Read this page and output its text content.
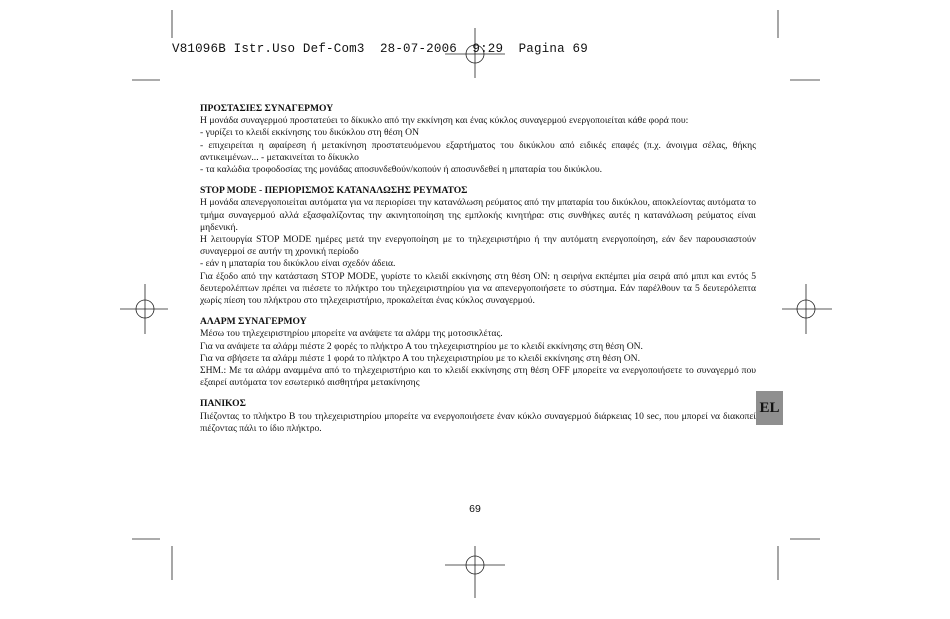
V81096B Istr.Uso Def-Com3 28-07-2006 9:29 Pagina 69
ΠΡΟΣΤΑΣΙΕΣ ΣΥΝΑΓΕΡΜΟΥ

Η μονάδα συναγερμού προστατεύει το δίκυκλο από την εκκίνηση και ένας κύκλος συναγερμού ενεργοποιείται κάθε φορά που:

- γυρίζει το κλειδί εκκίνησης του δικύκλου στη θέση ON

- επιχειρείται η αφαίρεση ή μετακίνηση προστατευόμενου εξαρτήματος του δικύκλου από ειδικές επαφές (π.χ. άνοιγμα σέλας, θήκης αντικειμένων... - μετακινείται το δίκυκλο

- τα καλώδια τροφοδοσίας της μονάδας αποσυνδεθούν/κοπούν ή αποσυνδεθεί η μπαταρία του δικύκλου.

STOP MODE - ΠΕΡΙΟΡΙΣΜΟΣ ΚΑΤΑΝΑΛΩΣΗΣ ΡΕΥΜΑΤΟΣ

Η μονάδα απενεργοποιείται αυτόματα για να περιορίσει την κατανάλωση ρεύματος από την μπαταρία του δικύκλου, αποκλείοντας αυτόματα το τμήμα συναγερμού αλλά εξασφαλίζοντας την ακινητοποίηση της εμπλοκής κινητήρα: στις συνθήκες αυτές η κατανάλωση ρεύματος είναι μηδενική.

Η λειτουργία STOP MODE ημέρες μετά την ενεργοποίηση με το τηλεχειριστήριο ή την αυτόματη ενεργοποίηση, εάν δεν παρουσιαστούν συναγερμοί σε αυτήν τη χρονική περίοδο

- εάν η μπαταρία του δικύκλου είναι σχεδόν άδεια.

Για έξοδο από την κατάσταση STOP MODE, γυρίστε το κλειδί εκκίνησης στη θέση ON: η σειρήνα εκπέμπει μία σειρά από μπιπ και εντός 5 δευτερολέπτων πρέπει να πιέσετε το πλήκτρο του τηλεχειριστηρίου για να απενεργοποιήσετε το σύστημα. Εάν παρέλθουν τα 5 δευτερόλεπτα χωρίς πίεση του πλήκτρου στο τηλεχειριστήριο, προκαλείται ένας κύκλος συναγερμού.

ΑΛΑΡΜ ΣΥΝΑΓΕΡΜΟΥ

Μέσω του τηλεχειριστηρίου μπορείτε να ανάψετε τα αλάρμ της μοτοσικλέτας.

Για να ανάψετε τα αλάρμ πιέστε 2 φορές το πλήκτρο Α του τηλεχειριστηρίου με το κλειδί εκκίνησης στη θέση ON.

Για να σβήσετε τα αλάρμ πιέστε 1 φορά το πλήκτρο Α του τηλεχειριστηρίου με το κλειδί εκκίνησης στη θέση ON.

ΣΗΜ.: Με τα αλάρμ αναμμένα από το τηλεχειριστήριο και το κλειδί εκκίνησης στη θέση OFF μπορείτε να ενεργοποιήσετε το συναγερμό που εξαιρεί αυτόματα τον εσωτερικό αισθητήρα μετακίνησης

ΠΑΝΙΚΟΣ

Πιέζοντας το πλήκτρο Β του τηλεχειριστηρίου μπορείτε να ενεργοποιήσετε έναν κύκλο συναγερμού διάρκειας 10 sec, που μπορεί να διακοπεί πιέζοντας πάλι το ίδιο πλήκτρο.

EL
69
